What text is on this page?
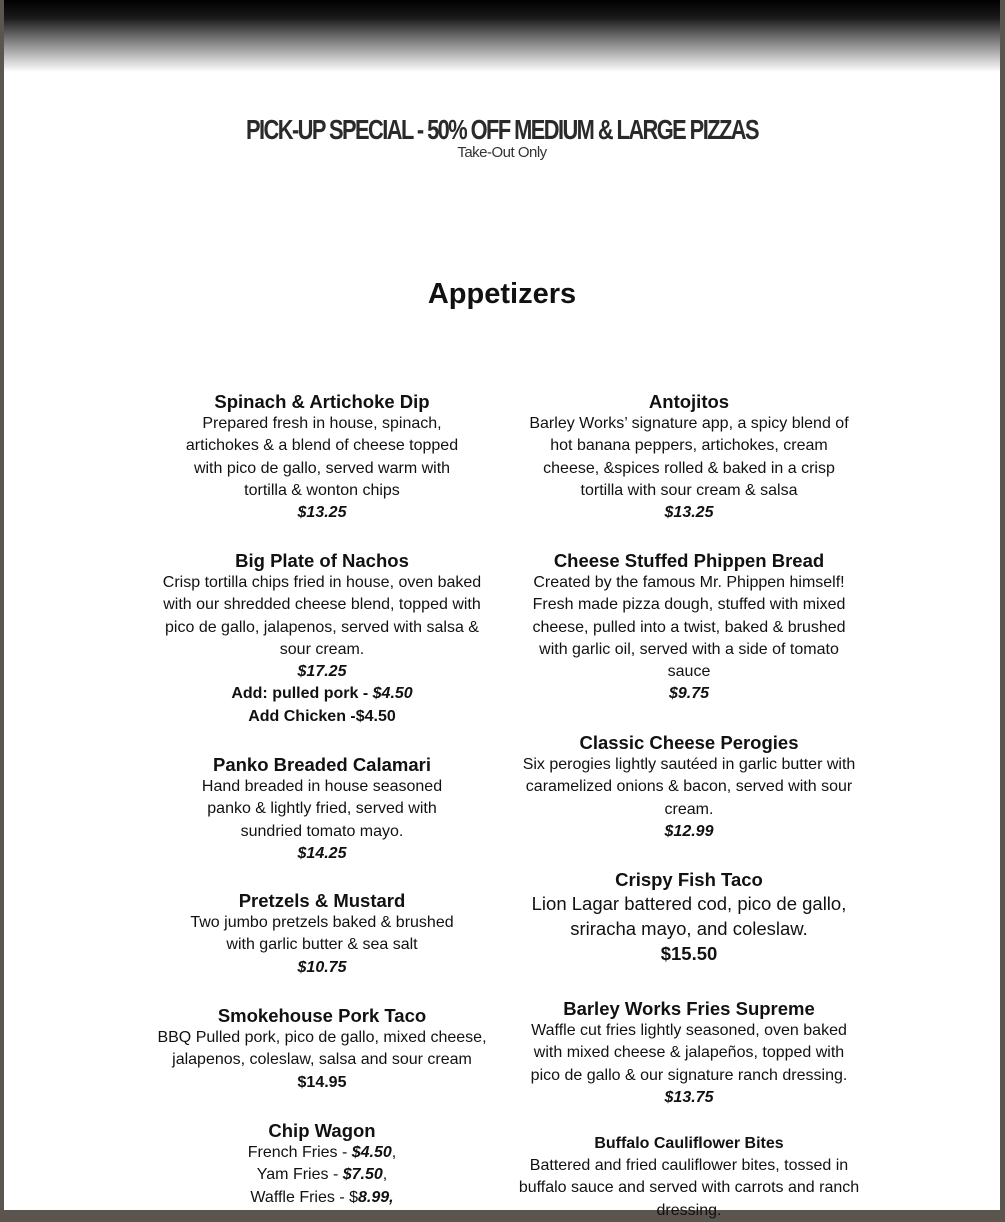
PICK-UP SPECIAL - 50% OFF MEDIUM & LARGE PIZZAS
Take-Out Only
Appetizers
Spinach & Artichoke Dip
Prepared fresh in house, spinach, artichokes & a blend of cheese topped with pico de gallo, served warm with tortilla & wonton chips
$13.25
Big Plate of Nachos
Crisp tortilla chips fried in house, oven baked with our shredded cheese blend, topped with pico de gallo, jalapenos, served with salsa & sour cream.
$17.25
Add: pulled pork - $4.50
Add Chicken -$4.50
Panko Breaded Calamari
Hand breaded in house seasoned panko & lightly fried, served with sundried tomato mayo.
$14.25
Pretzels & Mustard
Two jumbo pretzels baked & brushed with garlic butter & sea salt
$10.75
Smokehouse Pork Taco
BBQ Pulled pork, pico de gallo, mixed cheese, jalapenos, coleslaw, salsa and sour cream
$14.95
Chip Wagon
French Fries - $4.50,
Yam Fries - $7.50,
Waffle Fries - $8.99,
Antojitos
Barley Works’ signature app, a spicy blend of hot banana peppers, artichokes, cream cheese, &spices rolled & baked in a crisp tortilla with sour cream & salsa
$13.25
Cheese Stuffed Phippen Bread
Created by the famous Mr. Phippen himself! Fresh made pizza dough, stuffed with mixed cheese, pulled into a twist, baked & brushed with garlic oil, served with a side of tomato sauce
$9.75
Classic Cheese Perogies
Six perogies lightly sautéed in garlic butter with caramelized onions & bacon, served with sour cream.
$12.99
Crispy Fish Taco
Lion Lagar battered cod, pico de gallo, sriracha mayo, and coleslaw.
$15.50
Barley Works Fries Supreme
Waffle cut fries lightly seasoned, oven baked with mixed cheese & jalapeños, topped with pico de gallo & our signature ranch dressing.
$13.75
Buffalo Cauliflower Bites
Battered and fried cauliflower bites, tossed in buffalo sauce and served with carrots and ranch dressing.
